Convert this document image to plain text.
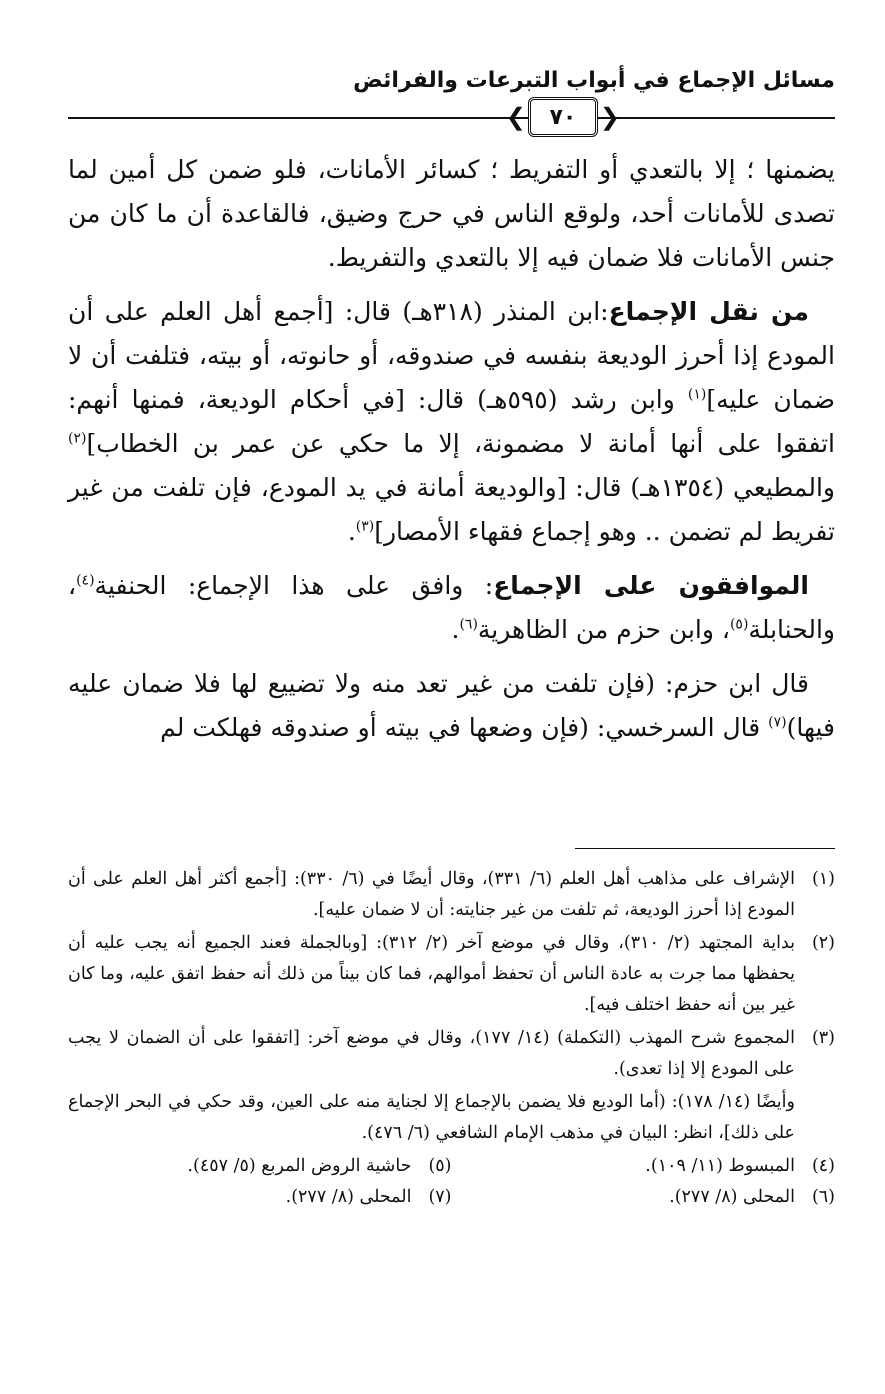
مسائل الإجماع في أبواب التبرعات والفرائض
❮	٧٠ ❯

يضمنها ؛ إلا بالتعدي أو التفريط ؛ كسائر الأمانات، فلو ضمن كل أمين لما تصدى للأمانات أحد، ولوقع الناس في حرج وضيق، فالقاعدة أن ما كان من جنس الأمانات فلا ضمان فيه إلا بالتعدي والتفريط.

من نقل الإجماع:ابن المنذر (٣١٨هـ) قال: [أجمع أهل العلم على أن المودع إذا أحرز الوديعة بنفسه في صندوقه، أو حانوته، أو بيته، فتلفت أن لا ضمان عليه]$^{(١)}$ وابن رشد (٥٩٥هـ) قال: [في أحكام الوديعة، فمنها أنهم: اتفقوا على أنها أمانة لا مضمونة، إلا ما حكي عن عمر بن الخطاب]$^{(٢)}$ والمطيعي (١٣٥٤هـ) قال: [والوديعة أمانة في يد المودع، فإن تلفت من غير تفريط لم تضمن .. وهو إجماع فقهاء الأمصار]$^{(٣)}$.

الموافقون على الإجماع: وافق على هذا الإجماع: الحنفية$^{(٤)}$، والحنابلة$^{(٥)}$، وابن حزم من الظاهرية$^{(٦)}$.

قال ابن حزم: (فإن تلفت من غير تعد منه ولا تضييع لها فلا ضمان عليه فيها)$^{(٧)}$ قال السرخسي: (فإن وضعها في بيته أو صندوقه فهلكت لم

(١)
الإشراف على مذاهب أهل العلم (٦/ ٣٣١)، وقال أيضًا في (٦/ ٣٣٠): [أجمع أكثر أهل العلم على أن المودع إذا أحرز الوديعة، ثم تلفت من غير جنايته: أن لا ضمان عليه].
(٢)
بداية المجتهد (٢/ ٣١٠)، وقال في موضع آخر (٢/ ٣١٢): [وبالجملة فعند الجميع أنه يجب عليه أن يحفظها مما جرت به عادة الناس أن تحفظ أموالهم، فما كان بيناً من ذلك أنه حفظ اتفق عليه، وما كان غير بين أنه حفظ اختلف فيه].
(٣)
المجموع شرح المهذب (التكملة) (١٤/ ١٧٧)، وقال في موضع آخر: [اتفقوا على أن الضمان لا يجب على المودع إلا إذا تعدى).
وأيضًا (١٤/ ١٧٨): (أما الوديع فلا يضمن بالإجماع إلا لجناية منه على العين، وقد حكي في البحر الإجماع على ذلك]، انظر: البيان في مذهب الإمام الشافعي (٦/ ٤٧٦).
(٤)
المبسوط (١١/ ١٠٩).
(٥)
حاشية الروض المربع (٥/ ٤٥٧).
(٦)
المحلى (٨/ ٢٧٧).
(٧)
المحلى (٨/ ٢٧٧).
